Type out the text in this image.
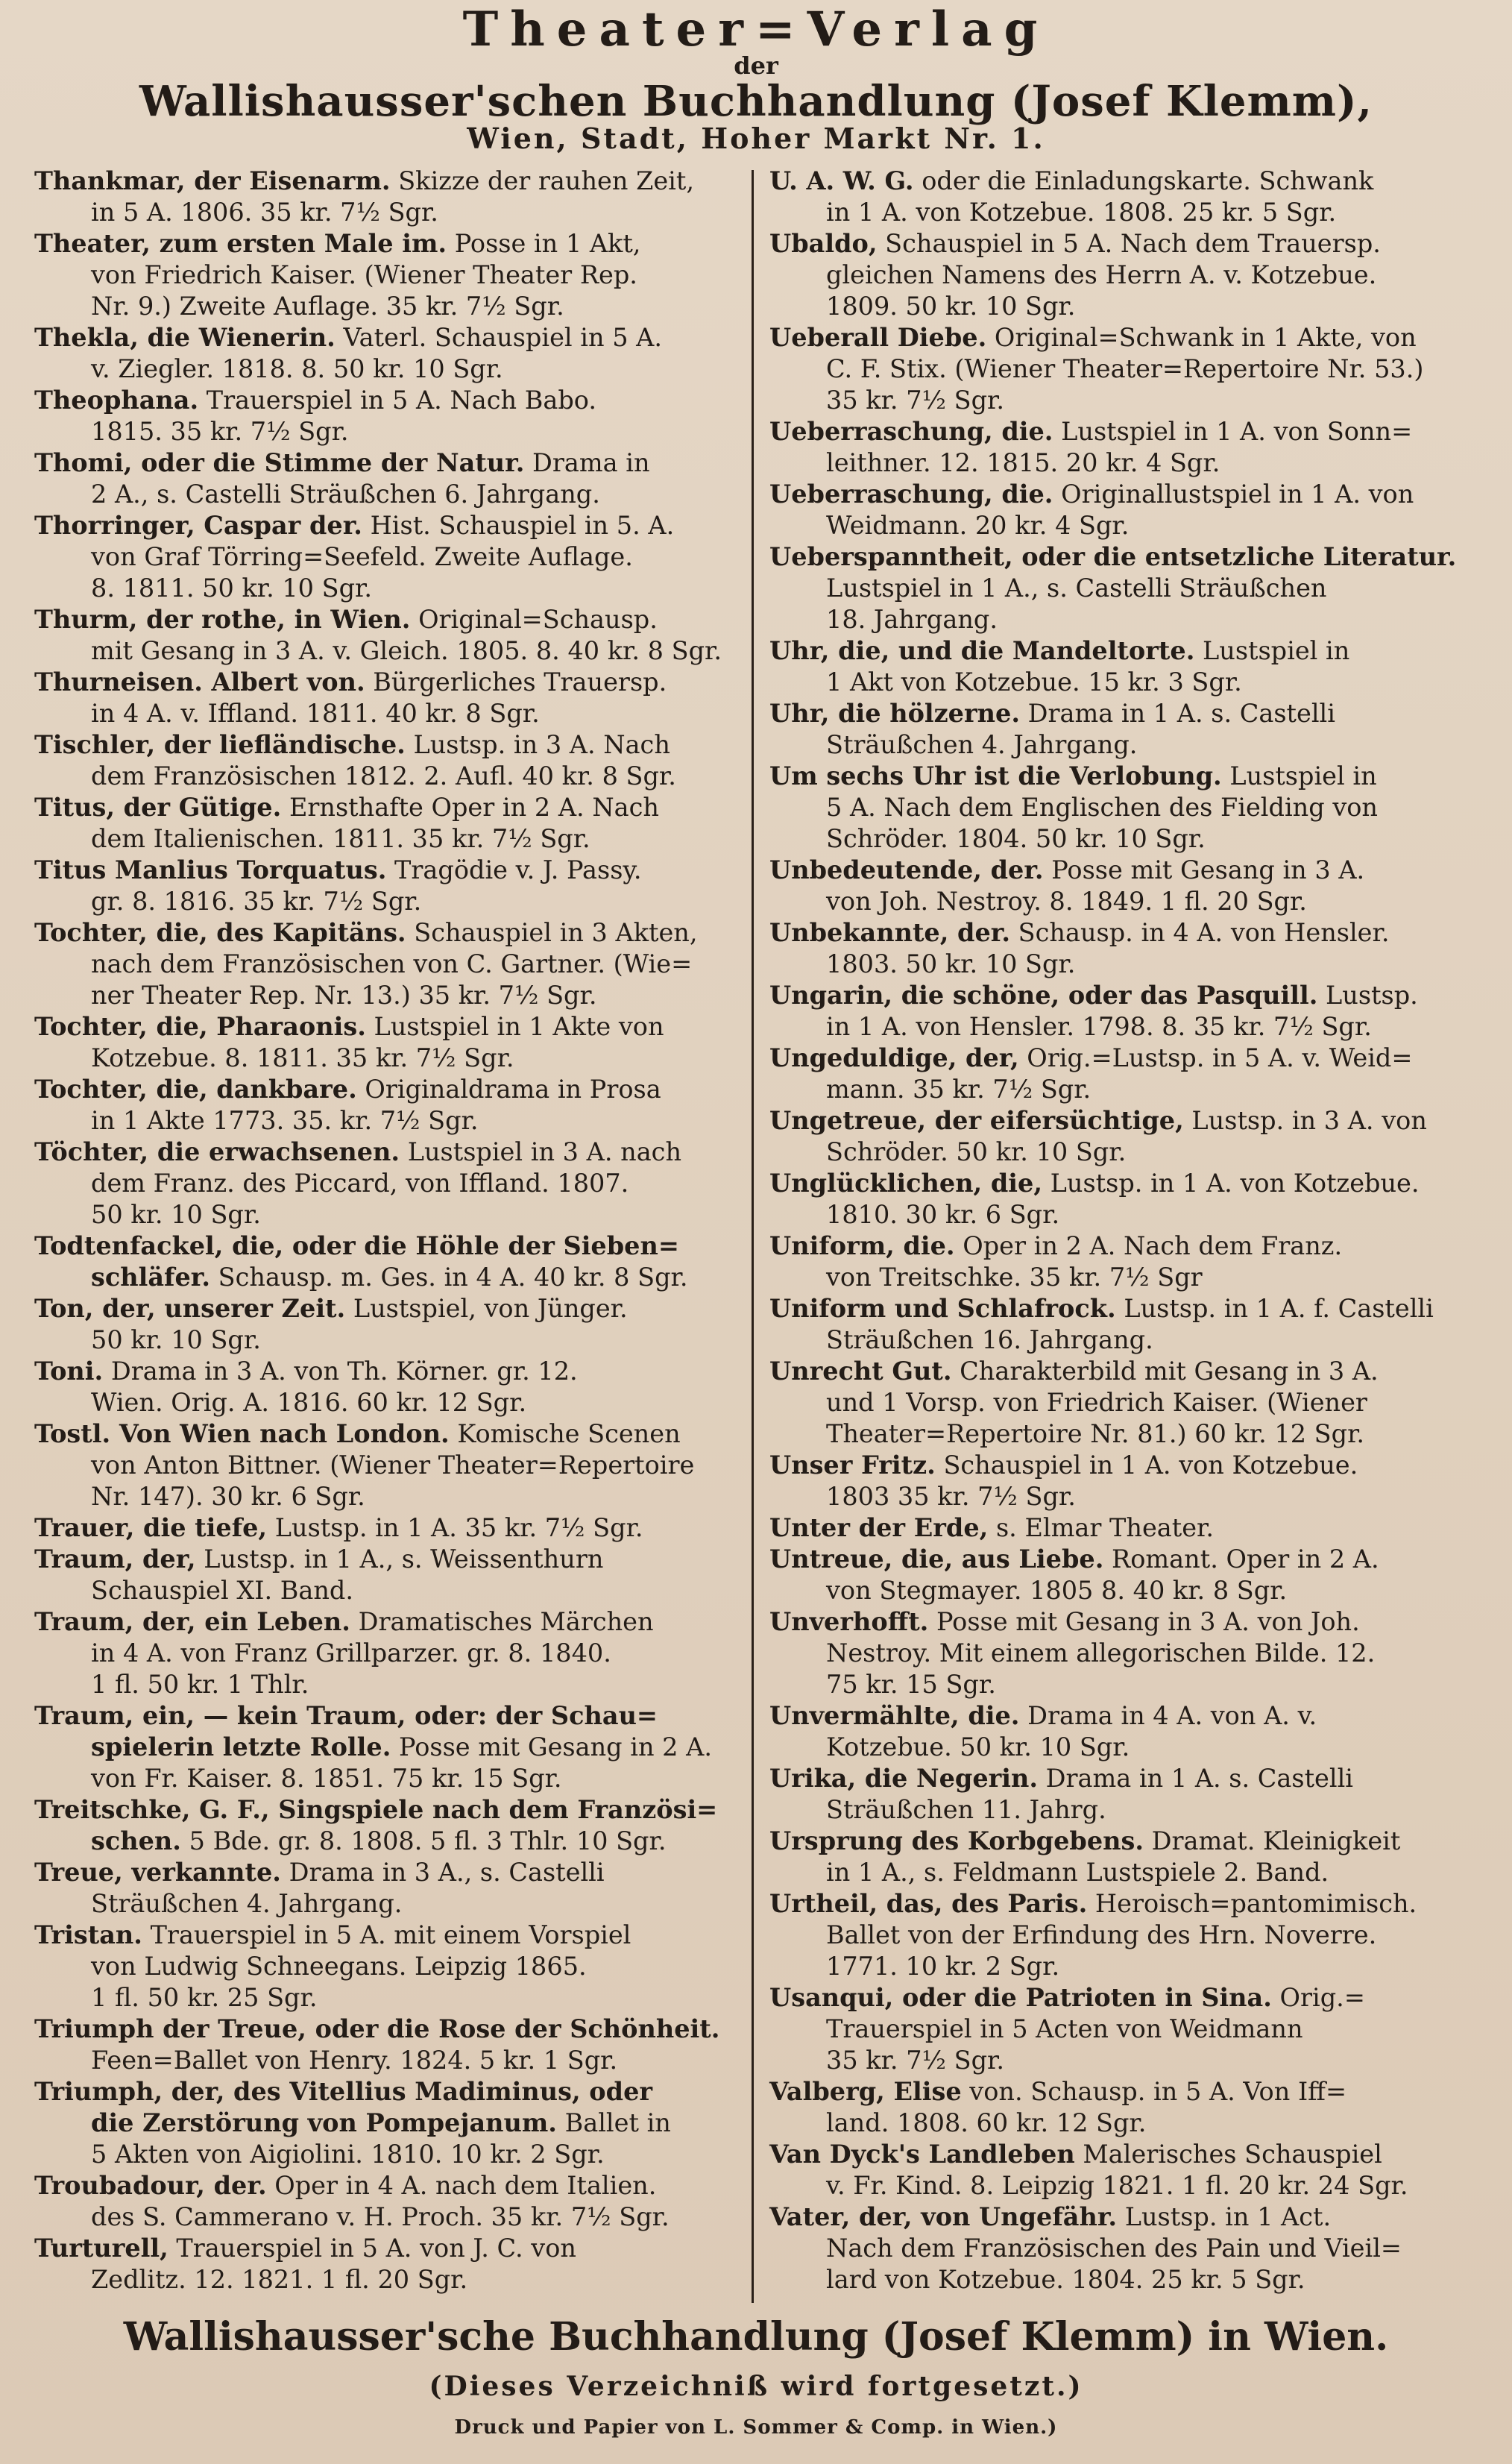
Theater=Verlag
der
Wallishausser'schen Buchhandlung (Josef Klemm),
Wien, Stadt, Hoher Markt Nr. 1.

Thankmar, der Eisenarm. Skizze der rauhen Zeit,
in 5 A. 1806. 35 kr. 7½ Sgr.

Theater, zum ersten Male im. Posse in 1 Akt,
von Friedrich Kaiser. (Wiener Theater Rep.
Nr. 9.) Zweite Auflage. 35 kr. 7½ Sgr.

Thekla, die Wienerin. Vaterl. Schauspiel in 5 A.
v. Ziegler. 1818. 8. 50 kr. 10 Sgr.

Theophana. Trauerspiel in 5 A. Nach Babo.
1815. 35 kr. 7½ Sgr.

Thomi, oder die Stimme der Natur. Drama in
2 A., s. Castelli Sträußchen 6. Jahrgang.

Thorringer, Caspar der. Hist. Schauspiel in 5. A.
von Graf Törring=Seefeld. Zweite Auflage.
8. 1811. 50 kr. 10 Sgr.

Thurm, der rothe, in Wien. Original=Schausp.
mit Gesang in 3 A. v. Gleich. 1805. 8. 40 kr. 8 Sgr.

Thurneisen. Albert von. Bürgerliches Trauersp.
in 4 A. v. Iffland. 1811. 40 kr. 8 Sgr.

Tischler, der liefländische. Lustsp. in 3 A. Nach
dem Französischen 1812. 2. Aufl. 40 kr. 8 Sgr.

Titus, der Gütige. Ernsthafte Oper in 2 A. Nach
dem Italienischen. 1811. 35 kr. 7½ Sgr.

Titus Manlius Torquatus. Tragödie v. J. Passy.
gr. 8. 1816. 35 kr. 7½ Sgr.

Tochter, die, des Kapitäns. Schauspiel in 3 Akten,
nach dem Französischen von C. Gartner. (Wie=
ner Theater Rep. Nr. 13.) 35 kr. 7½ Sgr.

Tochter, die, Pharaonis. Lustspiel in 1 Akte von
Kotzebue. 8. 1811. 35 kr. 7½ Sgr.

Tochter, die, dankbare. Originaldrama in Prosa
in 1 Akte 1773. 35. kr. 7½ Sgr.

Töchter, die erwachsenen. Lustspiel in 3 A. nach
dem Franz. des Piccard, von Iffland. 1807.
50 kr. 10 Sgr.

Todtenfackel, die, oder die Höhle der Sieben=
schläfer. Schausp. m. Ges. in 4 A. 40 kr. 8 Sgr.

Ton, der, unserer Zeit. Lustspiel, von Jünger.
50 kr. 10 Sgr.

Toni. Drama in 3 A. von Th. Körner. gr. 12.
Wien. Orig. A. 1816. 60 kr. 12 Sgr.

Tostl. Von Wien nach London. Komische Scenen
von Anton Bittner. (Wiener Theater=Repertoire
Nr. 147). 30 kr. 6 Sgr.

Trauer, die tiefe, Lustsp. in 1 A. 35 kr. 7½ Sgr.

Traum, der, Lustsp. in 1 A., s. Weissenthurn
Schauspiel XI. Band.

Traum, der, ein Leben. Dramatisches Märchen
in 4 A. von Franz Grillparzer. gr. 8. 1840.
1 fl. 50 kr. 1 Thlr.

Traum, ein, — kein Traum, oder: der Schau=
spielerin letzte Rolle. Posse mit Gesang in 2 A.
von Fr. Kaiser. 8. 1851. 75 kr. 15 Sgr.

Treitschke, G. F., Singspiele nach dem Französi=
schen. 5 Bde. gr. 8. 1808. 5 fl. 3 Thlr. 10 Sgr.

Treue, verkannte. Drama in 3 A., s. Castelli
Sträußchen 4. Jahrgang.

Tristan. Trauerspiel in 5 A. mit einem Vorspiel
von Ludwig Schneegans. Leipzig 1865.
1 fl. 50 kr. 25 Sgr.

Triumph der Treue, oder die Rose der Schönheit.
Feen=Ballet von Henry. 1824. 5 kr. 1 Sgr.

Triumph, der, des Vitellius Madiminus, oder
die Zerstörung von Pompejanum. Ballet in
5 Akten von Aigiolini. 1810. 10 kr. 2 Sgr.

Troubadour, der. Oper in 4 A. nach dem Italien.
des S. Cammerano v. H. Proch. 35 kr. 7½ Sgr.

Turturell, Trauerspiel in 5 A. von J. C. von
Zedlitz. 12. 1821. 1 fl. 20 Sgr.

U. A. W. G. oder die Einladungskarte. Schwank
in 1 A. von Kotzebue. 1808. 25 kr. 5 Sgr.

Ubaldo, Schauspiel in 5 A. Nach dem Trauersp.
gleichen Namens des Herrn A. v. Kotzebue.
1809. 50 kr. 10 Sgr.

Ueberall Diebe. Original=Schwank in 1 Akte, von
C. F. Stix. (Wiener Theater=Repertoire Nr. 53.)
35 kr. 7½ Sgr.

Ueberraschung, die. Lustspiel in 1 A. von Sonn=
leithner. 12. 1815. 20 kr. 4 Sgr.

Ueberraschung, die. Originallustspiel in 1 A. von
Weidmann. 20 kr. 4 Sgr.

Ueberspanntheit, oder die entsetzliche Literatur.
Lustspiel in 1 A., s. Castelli Sträußchen
18. Jahrgang.

Uhr, die, und die Mandeltorte. Lustspiel in
1 Akt von Kotzebue. 15 kr. 3 Sgr.

Uhr, die hölzerne. Drama in 1 A. s. Castelli
Sträußchen 4. Jahrgang.

Um sechs Uhr ist die Verlobung. Lustspiel in
5 A. Nach dem Englischen des Fielding von
Schröder. 1804. 50 kr. 10 Sgr.

Unbedeutende, der. Posse mit Gesang in 3 A.
von Joh. Nestroy. 8. 1849. 1 fl. 20 Sgr.

Unbekannte, der. Schausp. in 4 A. von Hensler.
1803. 50 kr. 10 Sgr.

Ungarin, die schöne, oder das Pasquill. Lustsp.
in 1 A. von Hensler. 1798. 8. 35 kr. 7½ Sgr.

Ungeduldige, der, Orig.=Lustsp. in 5 A. v. Weid=
mann. 35 kr. 7½ Sgr.

Ungetreue, der eifersüchtige, Lustsp. in 3 A. von
Schröder. 50 kr. 10 Sgr.

Unglücklichen, die, Lustsp. in 1 A. von Kotzebue.
1810. 30 kr. 6 Sgr.

Uniform, die. Oper in 2 A. Nach dem Franz.
von Treitschke. 35 kr. 7½ Sgr

Uniform und Schlafrock. Lustsp. in 1 A. f. Castelli
Sträußchen 16. Jahrgang.

Unrecht Gut. Charakterbild mit Gesang in 3 A.
und 1 Vorsp. von Friedrich Kaiser. (Wiener
Theater=Repertoire Nr. 81.) 60 kr. 12 Sgr.

Unser Fritz. Schauspiel in 1 A. von Kotzebue.
1803 35 kr. 7½ Sgr.

Unter der Erde, s. Elmar Theater.

Untreue, die, aus Liebe. Romant. Oper in 2 A.
von Stegmayer. 1805 8. 40 kr. 8 Sgr.

Unverhofft. Posse mit Gesang in 3 A. von Joh.
Nestroy. Mit einem allegorischen Bilde. 12.
75 kr. 15 Sgr.

Unvermählte, die. Drama in 4 A. von A. v.
Kotzebue. 50 kr. 10 Sgr.

Urika, die Negerin. Drama in 1 A. s. Castelli
Sträußchen 11. Jahrg.

Ursprung des Korbgebens. Dramat. Kleinigkeit
in 1 A., s. Feldmann Lustspiele 2. Band.

Urtheil, das, des Paris. Heroisch=pantomimisch.
Ballet von der Erfindung des Hrn. Noverre.
1771. 10 kr. 2 Sgr.

Usanqui, oder die Patrioten in Sina. Orig.=
Trauerspiel in 5 Acten von Weidmann
35 kr. 7½ Sgr.

Valberg, Elise von. Schausp. in 5 A. Von Iff=
land. 1808. 60 kr. 12 Sgr.

Van Dyck's Landleben Malerisches Schauspiel
v. Fr. Kind. 8. Leipzig 1821. 1 fl. 20 kr. 24 Sgr.

Vater, der, von Ungefähr. Lustsp. in 1 Act.
Nach dem Französischen des Pain und Vieil=
lard von Kotzebue. 1804. 25 kr. 5 Sgr.

Wallishausser'sche Buchhandlung (Josef Klemm) in Wien.
(Dieses Verzeichniß wird fortgesetzt.)
Druck und Papier von L. Sommer & Comp. in Wien.)
